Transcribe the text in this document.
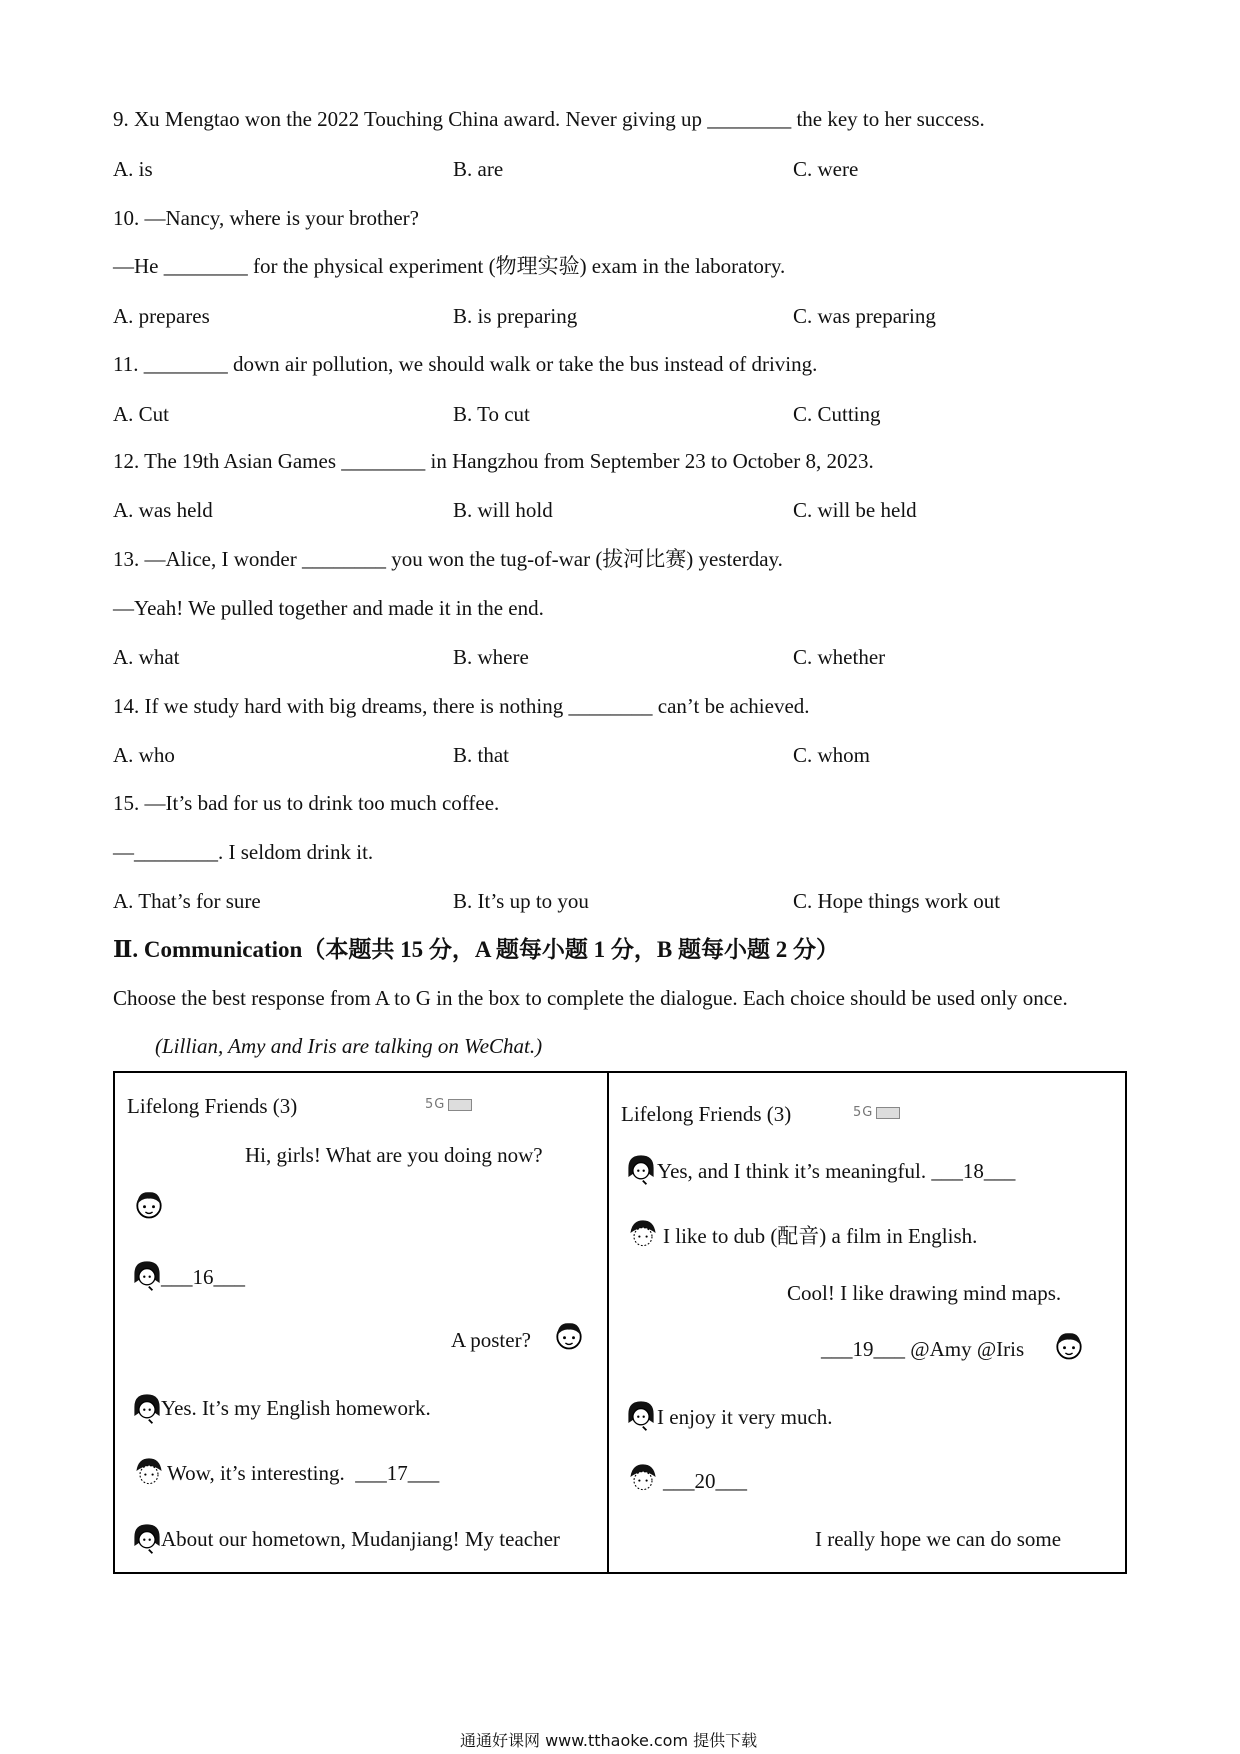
9. Xu Mengtao won the 2022 Touching China award. Never giving up ________ the key to her success.
A. is	B. are	C. were
10. —Nancy, where is your brother?
—He ________ for the physical experiment (物理实验) exam in the laboratory.
A. prepares	B. is preparing	C. was preparing
11. ________ down air pollution, we should walk or take the bus instead of driving.
A. Cut	B. To cut	C. Cutting
12. The 19th Asian Games ________ in Hangzhou from September 23 to October 8, 2023.
A. was held	B. will hold	C. will be held
13. —Alice, I wonder ________ you won the tug-of-war (拔河比赛) yesterday.
—Yeah! We pulled together and made it in the end.
A. what	B. where	C. whether
14. If we study hard with big dreams, there is nothing ________ can’t be achieved.
A. who	B. that	C. whom
15. —It’s bad for us to drink too much coffee.
—________. I seldom drink it.
A. That’s for sure	B. It’s up to you	C. Hope things work out
Ⅱ. Communication（本题共 15 分，A 题每小题 1 分，B 题每小题 2 分）
Choose the best response from A to G in the box to complete the dialogue. Each choice should be used only once.
(Lillian, Amy and Iris are talking on WeChat.)
Lifelong Friends (3)	5G
Hi, girls! What are you doing now?
___16___
A poster?
Yes. It’s my English homework.
Wow, it’s interesting. ___17___
About our hometown, Mudanjiang! My teacher
Lifelong Friends (3)	5G
Yes, and I think it’s meaningful. ___18___
I like to dub (配音) a film in English.
Cool! I like drawing mind maps.
___19___ @Amy @Iris
I enjoy it very much.
___20___
I really hope we can do some
通通好课网 www.tthaoke.com 提供下载
